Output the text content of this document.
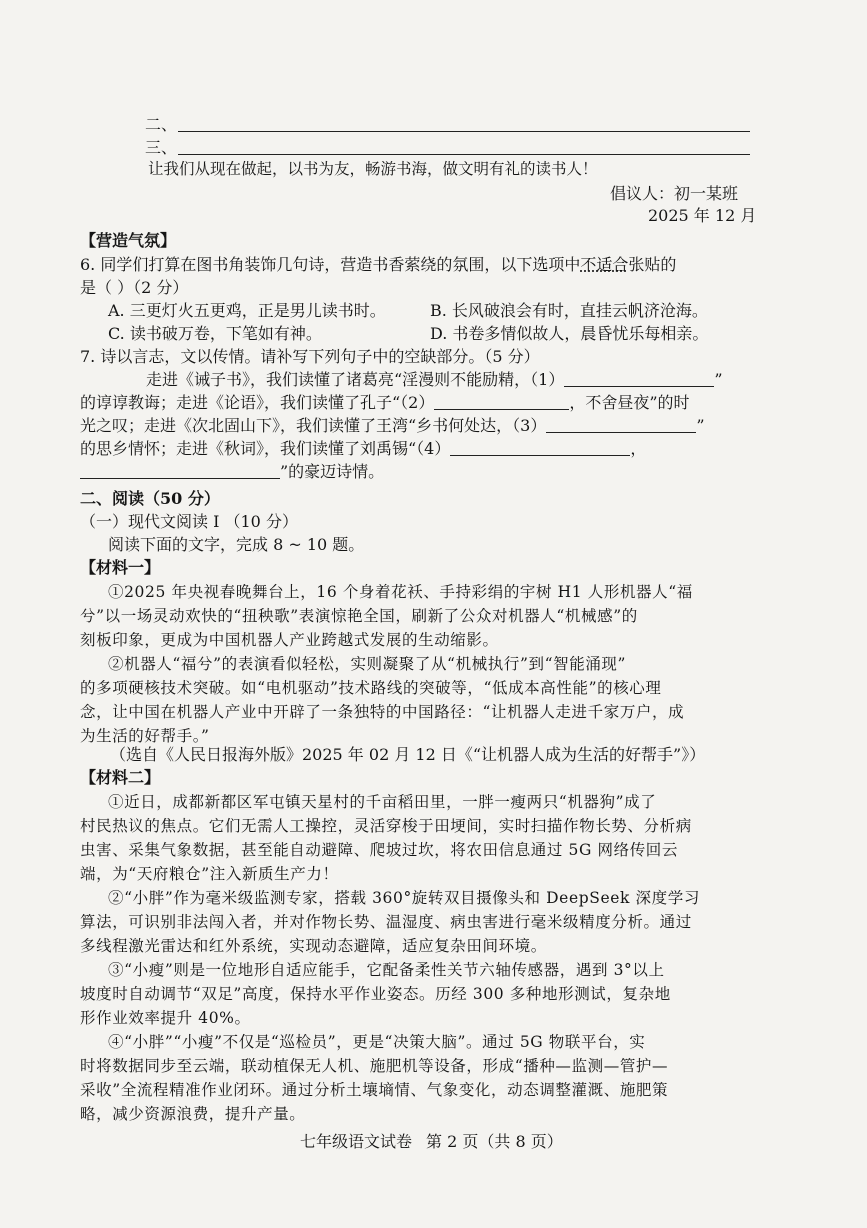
二、
三、
让我们从现在做起，以书为友，畅游书海，做文明有礼的读书人！
倡议人：初一某班
2025 年 12 月
【营造气氛】
6. 同学们打算在图书角装饰几句诗，营造书香萦绕的氛围，以下选项中不适合张贴的
是（ ）（2 分）
A. 三更灯火五更鸡，正是男儿读书时。	B. 长风破浪会有时，直挂云帆济沧海。
C. 读书破万卷，下笔如有神。	D. 书卷多情似故人，晨昏忧乐每相亲。
7. 诗以言志，文以传情。请补写下列句子中的空缺部分。（5 分）
走进《诫子书》，我们读懂了诸葛亮“淫漫则不能励精，（1）	”
的谆谆教诲；走进《论语》，我们读懂了孔子“（2）	，不舍昼夜”的时
光之叹；走进《次北固山下》，我们读懂了王湾“乡书何处达，（3）	”
的思乡情怀；走进《秋词》，我们读懂了刘禹锡“（4）	，
”的豪迈诗情。
二、阅读（50 分）
（一）现代文阅读 I （10 分）
阅读下面的文字，完成 8 ~ 10 题。
【材料一】
①2025 年央视春晚舞台上，16 个身着花袄、手持彩绢的宇树 H1 人形机器人“福
兮”以一场灵动欢快的“扭秧歌”表演惊艳全国，刷新了公众对机器人“机械感”的
刻板印象，更成为中国机器人产业跨越式发展的生动缩影。
②机器人“福兮”的表演看似轻松，实则凝聚了从“机械执行”到“智能涌现”
的多项硬核技术突破。如“电机驱动”技术路线的突破等，“低成本高性能”的核心理
念，让中国在机器人产业中开辟了一条独特的中国路径：“让机器人走进千家万户，成
为生活的好帮手。”
（选自《人民日报海外版》2025 年 02 月 12 日《“让机器人成为生活的好帮手”》）
【材料二】
①近日，成都新都区军屯镇天星村的千亩稻田里，一胖一瘦两只“机器狗”成了
村民热议的焦点。它们无需人工操控，灵活穿梭于田埂间，实时扫描作物长势、分析病
虫害、采集气象数据，甚至能自动避障、爬坡过坎，将农田信息通过 5G 网络传回云
端，为“天府粮仓”注入新质生产力！
②“小胖”作为毫米级监测专家，搭载 360°旋转双目摄像头和 DeepSeek 深度学习
算法，可识别非法闯入者，并对作物长势、温湿度、病虫害进行毫米级精度分析。通过
多线程激光雷达和红外系统，实现动态避障，适应复杂田间环境。
③“小瘦”则是一位地形自适应能手，它配备柔性关节六轴传感器，遇到 3°以上
坡度时自动调节“双足”高度，保持水平作业姿态。历经 300 多种地形测试，复杂地
形作业效率提升 40%。
④“小胖”“小瘦”不仅是“巡检员”，更是“决策大脑”。通过 5G 物联平台，实
时将数据同步至云端，联动植保无人机、施肥机等设备，形成“播种—监测—管护—
采收”全流程精准作业闭环。通过分析土壤墒情、气象变化，动态调整灌溉、施肥策
略，减少资源浪费，提升产量。
七年级语文试卷 第 2 页（共 8 页）
